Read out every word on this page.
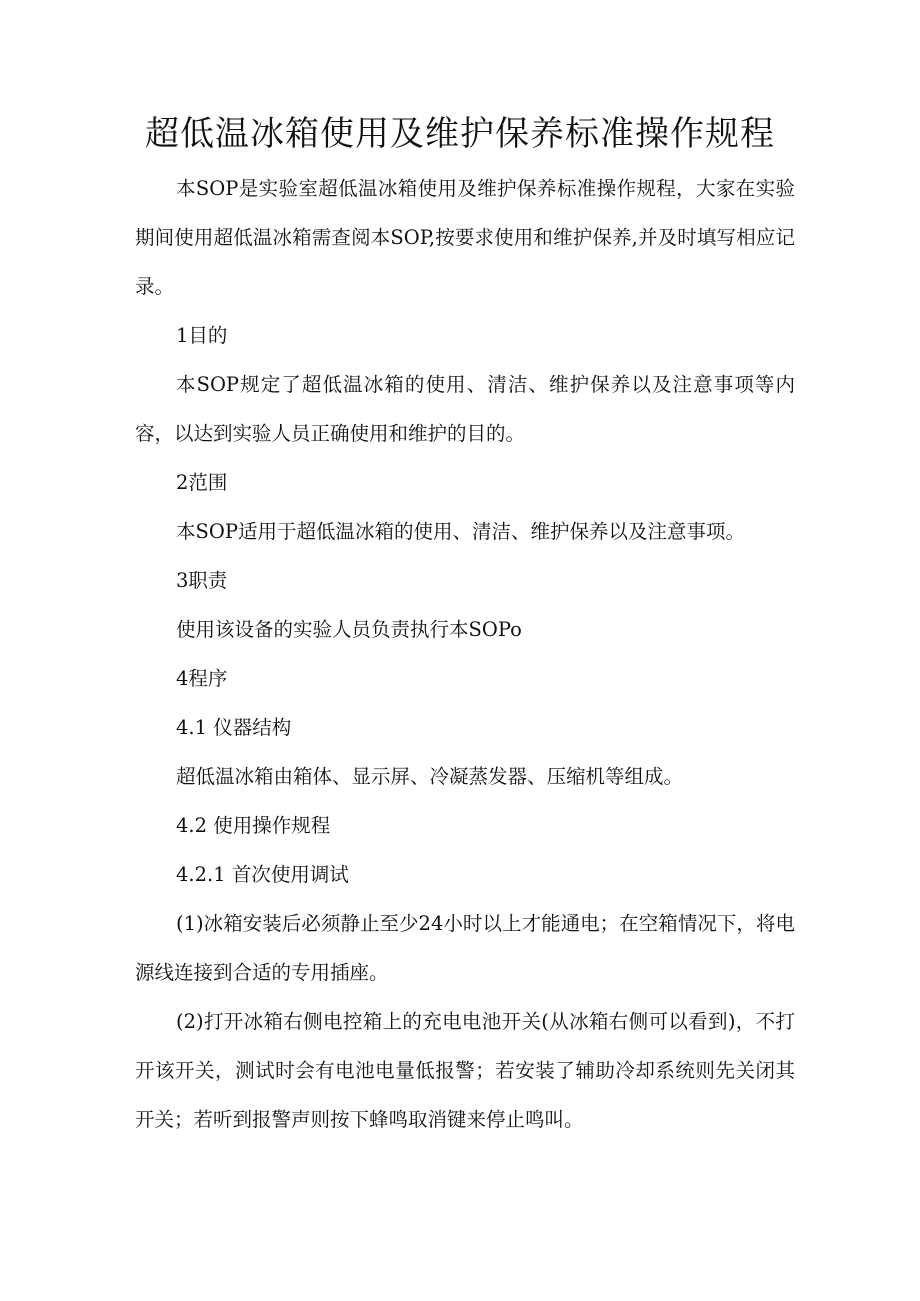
超低温冰箱使用及维护保养标准操作规程

本SOP是实验室超低温冰箱使用及维护保养标准操作规程，大家在实验期间使用超低温冰箱需查阅本SOP,按要求使用和维护保养,并及时填写相应记录。

1目的

本SOP规定了超低温冰箱的使用、清洁、维护保养以及注意事项等内容，以达到实验人员正确使用和维护的目的。

2范围

本SOP适用于超低温冰箱的使用、清洁、维护保养以及注意事项。

3职责

使用该设备的实验人员负责执行本SOPo

4程序

4.1 仪器结构

超低温冰箱由箱体、显示屏、冷凝蒸发器、压缩机等组成。

4.2 使用操作规程

4.2.1 首次使用调试

(1)冰箱安装后必须静止至少24小时以上才能通电；在空箱情况下，将电源线连接到合适的专用插座。

(2)打开冰箱右侧电控箱上的充电电池开关(从冰箱右侧可以看到)，不打开该开关，测试时会有电池电量低报警；若安装了辅助冷却系统则先关闭其开关；若听到报警声则按下蜂鸣取消键来停止鸣叫。
